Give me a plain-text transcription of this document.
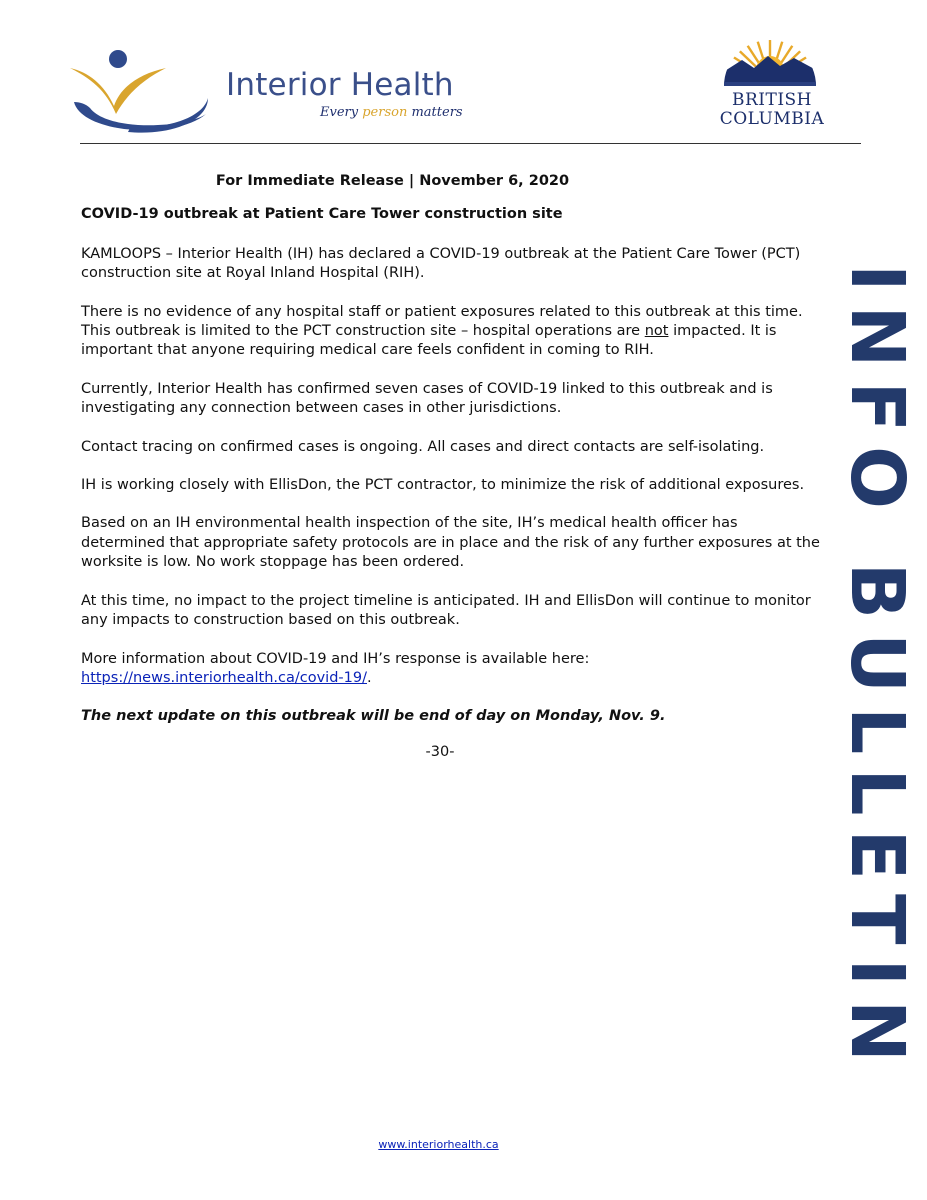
Interior Health
Every person matters
BRITISH
COLUMBIA
INFO BULLETIN

For Immediate Release | November 6, 2020

COVID-19 outbreak at Patient Care Tower construction site

KAMLOOPS – Interior Health (IH) has declared a COVID-19 outbreak at the Patient Care Tower (PCT) construction site at Royal Inland Hospital (RIH).

There is no evidence of any hospital staff or patient exposures related to this outbreak at this time. This outbreak is limited to the PCT construction site – hospital operations are not impacted. It is important that anyone requiring medical care feels confident in coming to RIH.

Currently, Interior Health has confirmed seven cases of COVID-19 linked to this outbreak and is investigating any connection between cases in other jurisdictions.

Contact tracing on confirmed cases is ongoing. All cases and direct contacts are self-isolating.

IH is working closely with EllisDon, the PCT contractor, to minimize the risk of additional exposures.

Based on an IH environmental health inspection of the site, IH’s medical health officer has determined that appropriate safety protocols are in place and the risk of any further exposures at the worksite is low. No work stoppage has been ordered.

At this time, no impact to the project timeline is anticipated. IH and EllisDon will continue to monitor any impacts to construction based on this outbreak.

More information about COVID-19 and IH’s response is available here:
https://news.interiorhealth.ca/covid-19/.

The next update on this outbreak will be end of day on Monday, Nov. 9.

-30-

www.interiorhealth.ca
